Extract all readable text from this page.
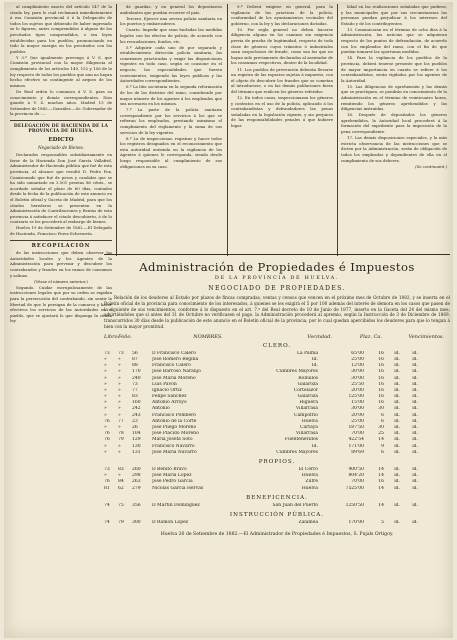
al cumplimiento exacto del artículo 147 de la citada ley, para lo cual reclamará inmediatamente á esa Comisión provincial ó á la Delegación de todos los sujetos que debiendo de haber ingresado se lo figuren; antes comprendidos á alguno de los precitados tipos comprendidos, o sea leyes establecidas para los pueblos, pronunciando en todo la mayor energía en los precitados con los pueblos.

Y 3.º Que igualmente prevengo á V. S. que Comisión provincial con la mayor diligencia al cumplimiento de los artículos 149, 152 y 156 de la ley respecto de todos los pueblos que aun no hayan hecho efectivo su contingente al arqueo de los mismos.

De Real orden lo comunico á V. S. para su conocimiento y demás correspondientes. Dios guarde á V. S. muchos años. Madrid 13 de Setiembre de 1882.—González.—Sr. Gobernador de la provincia de......

DELEGACIÓN DE HACIENDA DE LA PROVINCIA DE HUELVA.
EDICTO
Negociado de Bienes.

Declarados responsables subsidiariamente en favor de la Hacienda Don José García Vallafrid, Administrador de Hacienda pública que fué de esta provincia, al alcance que resultó D. Pedro Fox, Comisionado que fué de pesos y caudales que se ha sido sumariado en 3.501 pesetas 86 cénts., se acordado señalar el plazo de 60 días, contados desde la fecha de la publicación de este anuncio en el Boletín oficial y Gaceta de Madrid, para que los citados herederos se presenten en la Administración de Contribuciones y Rentas de esta provincia á satisfacer el citado descubierto, ó de lo contrario se les procederá al embargo de bienes.

Huelva 19 de Setiembre de 1882.—El Delegado de Hacienda, Francisco Perez Echevarría.

RECOPILACIÓN

de las instrucciones que deben observar las Autoridades locales y los Agentes de la Administración para prevenir y descubrir los contrabandos y fraudes en los ramos de consumos y salinas.

(Véase el número anterior.)

Segundo. Cuidar escrupulosamente de las instrucciones legales que por su orden se expidan para la persecución del contrabando, sin sentir la libertad de que lo persigan de la comarca y hacer efectivos los servicios de las Autoridades en el pueblo, que se ajustará lo que disponga la citada ley.

de guardas, y en general los depositarios ambulantes que puedan recorrer el país.

Tercero. Ejercer una severa policía sanitaria en los puertos y embarcaderos.

Cuarto. Impedir que sean burladas las medidas legales con los efectos de policía, de acuerdo con las recaudaciones, fondos, etc.

5.º Adquirir cada uno de por separado y establecimiento dirección policía sanitaria, las conexiones practicadas y exigir las disposiciones vigentes en todo caso, según se ocasione en el negocio, las especialidades que fueren convenientes, exigiendo las leyes publicas y las Autoridades correspondientes.

6.º La litis societaria en la segunda reformación de los de los distritos del ramo; considerado por mayor número de los agentes á los empleados que sea necesario en los mismos.

7.º La parte de la policía sanitaria correspondiente por los servicios á los que se refieran los empleados, prestando asimismo el cumplimiento del reglamento y la suma de sus servicios de la ley vigentes.

8.º La de inspeccionar, registrar y hacer todos los registros designados en el reconocimiento que esta autoridad entienda en la vigilancia de los Agentes á quienes le corresponda, siendo desde luego responsable al cumplimiento de sus obligaciones en su caso.

9.º Deberá exigirse en general, para la vigilancia de las practicas de la policía, conformidad de los ayuntamientos vecinales del gobierno, con la ley y las declaraciones dictadas.

10. Por regla general no deben hacerse diligencia alguna en los caminos sin exigencia previa de prueba de legitimidad, respecto de toda clase de géneros cuyos tránsitos ó industriales sean sospechosos de fraude, como son los que no hayan sido previamente declarados al asentador de los consumos respectivos, dentro de la localidad.

11. Los pueblos de prevención deberán llevarse un registro de las especies sujetas á impuesto, con el objeto de descubrir los fraudes que se cometan al introducirse, o en las demás poblaciones fuera del término que realicen los géneros referidos.

12. En todos casos, inspeccionaran los géneros y contratos en el uso de la policía, aplicando á los contrabandistas y defraudadores las penas señaladas en la legislación vigente, y sin perjuicio de las responsabilidades penales á que hubiere lugar.

lidad en las realizaciones señaladas que pudiese, y las municipales que por sus circunstancias las personas puedan perjudicar á los intereses del Estado y de los contribuyentes.

13. Comunicaran en el término de ocho días á la Administración, las noticias que se adquieran respecto de los puntos de defraudación, de acuerdo con los empleados del ramo, con el fin de que puedan tomarse las oportunas medidas.

14. Para la vigilancia de los pueblos de la provincia, deberá tenerse presente que los pueblos de mayor importancia en cuanto se refiere á los contrabandistas, serán vigilados por los agentes de la Autoridad.

15. Las diligencias de aprehensión y las demás que se practiquen, se pondrán en conocimiento de la Administración en el término de veinticuatro horas, remitiendo los géneros aprehendidos y las diligencias instruidas.

16. Después de depositados los géneros aprehendidos, la Autoridad local procederá á la formación del expediente para la imposición de la pena correspondiente.

17. Las demás disposiciones especiales, y la más estricta observancia de las instrucciones que se dicten por la Administración, serán de obligación de todos los empleados y dependientes de ella en el cumplimiento de sus deberes.

(Se continuará.)

Administración de Propiedades é Impuestos
DE LA PROVINCIA DE HUELVA.
NEGOCIADO DE PROPIEDADES.
Relación de los deudores al Estado por plazos de fincas compradas, ventas y censos que vencen en el próximo mes de Octubre de 1882, y se inserta en el Boletín oficial de la provincia para conocimiento de los interesados, á quienes se les exigirá el 5 por 100 además del interés de demora en los casos que pasen de la siguiente de sus vencimientos, conforme á lo dispuesto en el art. 7.º del Real decreto de 10 de Junio de 1877, inserto en la Gaceta del 24 del mismo mes; advirtiéndoles que si antes del 31 de Octubre no verificasen el pago, la Administración procederá al apremio, según la Instrucción de 3 de Diciembre de 1869, transcurridos 30 días desde la publicación de este anuncio en el Boletín oficial de la provincia, por lo cual quedan apercibidos los deudores para que lo tengan á bien con la mayor prontitud.
Libro.
Folio.	NOMBRES.	Vecindad.	Plaz. Ca.	Vencimientos.
CLERO.
73	73	56	D Francisco Calero	La Palma	65'00	16	id.	id.
»	»	87	José Romero Regina	Id.	25'00	16	id.	id.
»	»	88	Francisco Calero	Id.	12'00	16	id.	id.
»	»	170	José Barroso Naranjo	Cumbres Mayores	30'00	16	id.	id.
»	»	240	José María Moreno	Bollullos	30'00	16	id.	id.
»	»	73	Luis Pavón	Galaroza	25'50	16	id.	id.
»	»	77	Ignacio Ortiz	Cortelazor	20'00	16	id.	id.
»	»	83	Felipe Sánchez	Galaroza	125'00	16	id.	id.
»	»	160	Antonio Arroyo	Higuera	15'00	16	id.	id.
»	»	242	Antonio	Villarrasa	30'00	30	id.	id.
»	»	243	Francisco Pombero	Campofrío	20'00	6	id.	id.
76	77	23	Antonio de la Corte	Huelva	25'00	6	id.	id.
»	»	26	José Pliego Moreno	Cartaya	187'50	30	id.	id.
76	78	104	José Plácido Moreno	Villarrasa	70'00	25	id.	id.
76	79	129	María Josefa Soto	Fuenteheridos	422'54	14	id.	id.
»	»	130	Francisco Navarro	Id.	171'00	9	id.	id.
»	»	131	José María Navarro	Cumbres Mayores	89'69	6	id.	id.
PROPIOS.
73	83	260	D Benito Bravo	El Cerro	400'50	14	id.	id.
»	»	298	José María Lopez	Huelva	804'20	14	id.	id.
76	84	263	José Pedro García	Zufre	70'00	16	id.	id.
81	62	279	Nicolás García Hervas	Huelva	7525'00	14	id.	id.
BENEFICENCIA.
74	75	356	D Martín Domínguez	San Juan del Puerto	1250'50	14	id.	id.
INSTRUCCIÓN PÚBLICA.
74	79	300	D Ramón Lopez	Zalamea	170'00	5	id.	id.
Huelva 20 de Setiembre de 1882.—El Administrador de Propiedades é Impuestos, S. Pujals Ortigoy.
